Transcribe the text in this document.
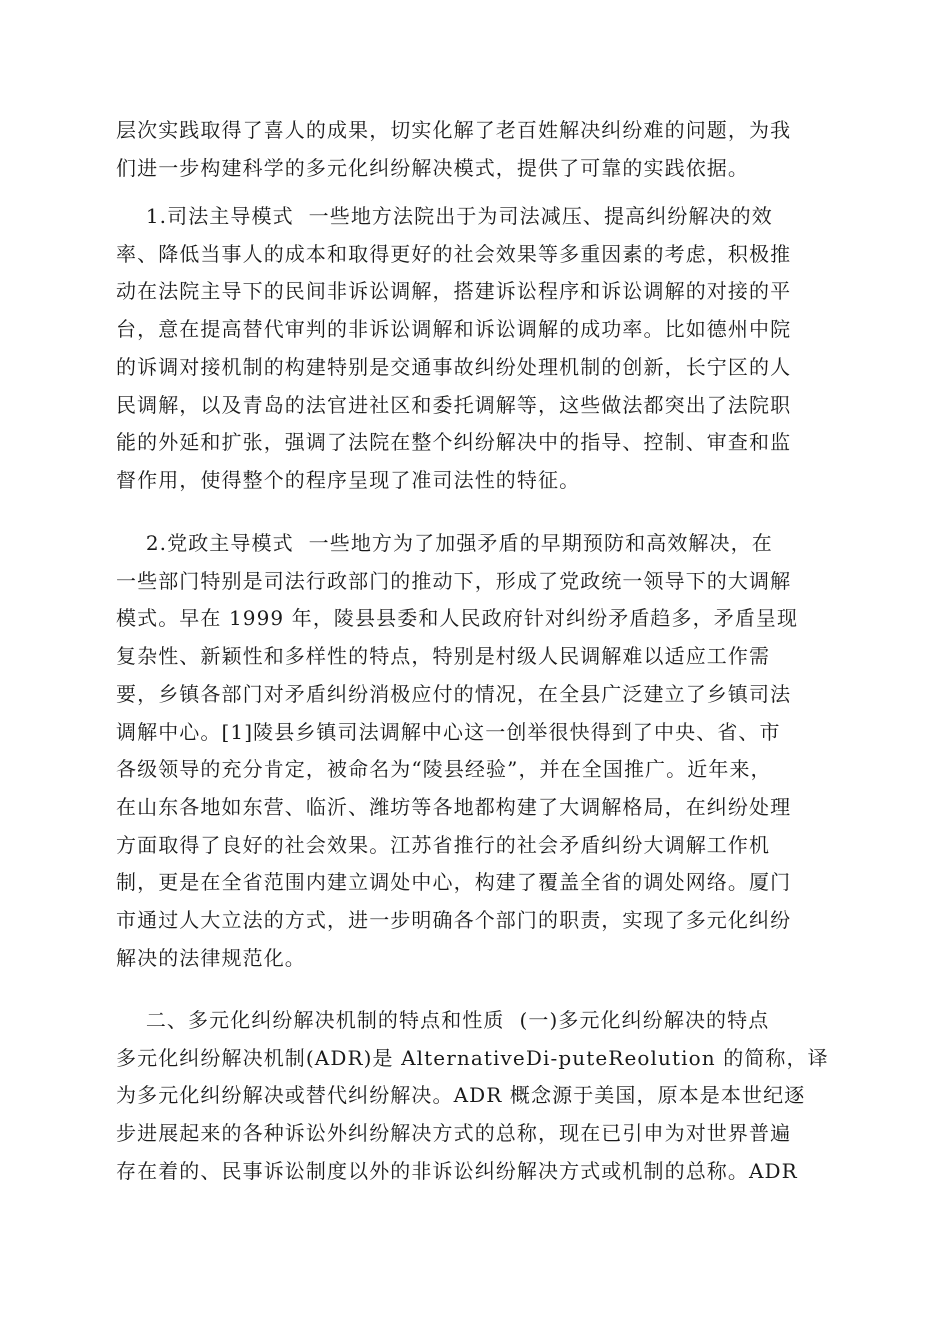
层次实践取得了喜人的成果，切实化解了老百姓解决纠纷难的问题，为我
们进一步构建科学的多元化纠纷解决模式，提供了可靠的实践依据。

1.司法主导模式  一些地方法院出于为司法减压、提高纠纷解决的效
率、降低当事人的成本和取得更好的社会效果等多重因素的考虑，积极推
动在法院主导下的民间非诉讼调解，搭建诉讼程序和诉讼调解的对接的平
台，意在提高替代审判的非诉讼调解和诉讼调解的成功率。比如德州中院
的诉调对接机制的构建特别是交通事故纠纷处理机制的创新，长宁区的人
民调解，以及青岛的法官进社区和委托调解等，这些做法都突出了法院职
能的外延和扩张，强调了法院在整个纠纷解决中的指导、控制、审查和监
督作用，使得整个的程序呈现了准司法性的特征。

2.党政主导模式  一些地方为了加强矛盾的早期预防和高效解决，在
一些部门特别是司法行政部门的推动下，形成了党政统一领导下的大调解
模式。早在 1999 年，陵县县委和人民政府针对纠纷矛盾趋多，矛盾呈现
复杂性、新颖性和多样性的特点，特别是村级人民调解难以适应工作需
要，乡镇各部门对矛盾纠纷消极应付的情况，在全县广泛建立了乡镇司法
调解中心。[1]陵县乡镇司法调解中心这一创举很快得到了中央、省、市
各级领导的充分肯定，被命名为“陵县经验”，并在全国推广。近年来，
在山东各地如东营、临沂、潍坊等各地都构建了大调解格局，在纠纷处理
方面取得了良好的社会效果。江苏省推行的社会矛盾纠纷大调解工作机
制，更是在全省范围内建立调处中心，构建了覆盖全省的调处网络。厦门
市通过人大立法的方式，进一步明确各个部门的职责，实现了多元化纠纷
解决的法律规范化。

二、多元化纠纷解决机制的特点和性质  (一)多元化纠纷解决的特点
多元化纠纷解决机制(ADR)是 AlternativeDi-puteReolution 的简称，译
为多元化纠纷解决或替代纠纷解决。ADR 概念源于美国，原本是本世纪逐
步进展起来的各种诉讼外纠纷解决方式的总称，现在已引申为对世界普遍
存在着的、民事诉讼制度以外的非诉讼纠纷解决方式或机制的总称。ADR
